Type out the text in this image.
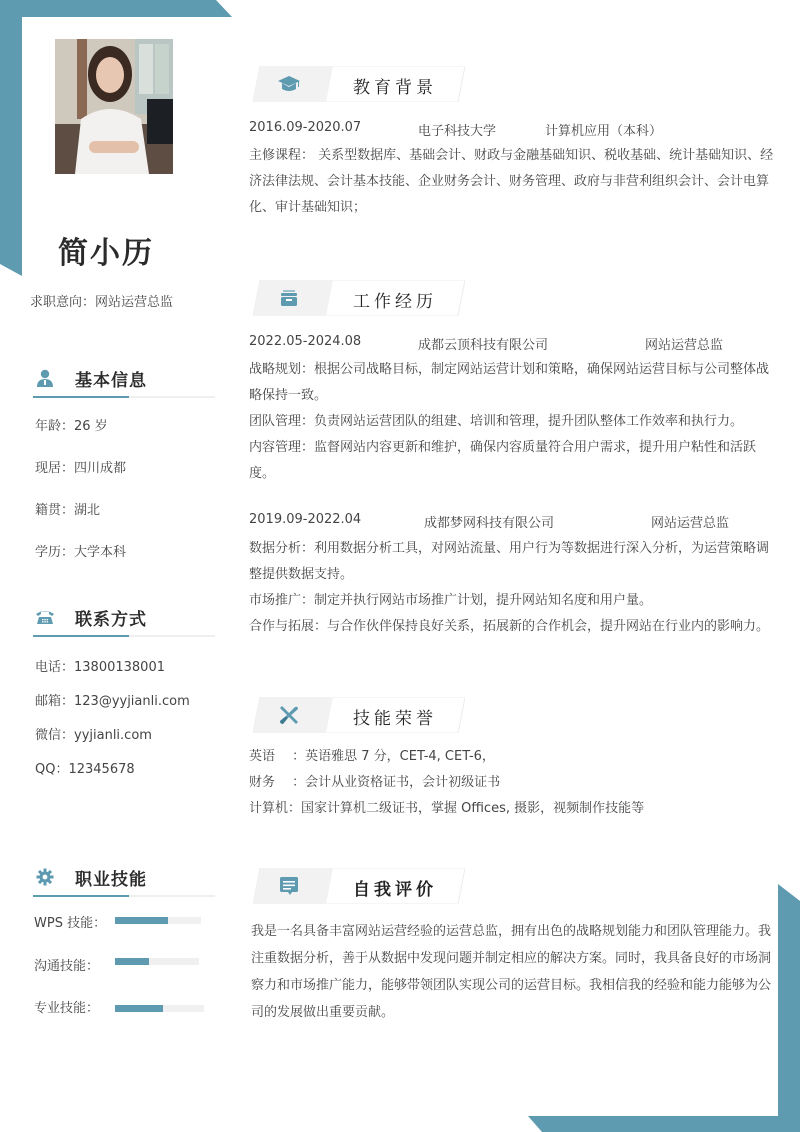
简小历
求职意向：网站运营总监
基本信息
年龄：26 岁
现居：四川成都
籍贯：湖北
学历：大学本科
联系方式
电话：13800138001
邮箱：123@yyjianli.com
微信：yyjianli.com
QQ：12345678
职业技能
WPS 技能：
沟通技能：
专业技能：
教育背景
2016.09-2020.07	电子科技大学	计算机应用（本科）
主修课程： 关系型数据库、基础会计、财政与金融基础知识、税收基础、统计基础知识、经济法律法规、会计基本技能、企业财务会计、财务管理、政府与非营利组织会计、会计电算化、审计基础知识；
工作经历
2022.05-2024.08	成都云顶科技有限公司	网站运营总监
战略规划：根据公司战略目标，制定网站运营计划和策略，确保网站运营目标与公司整体战略保持一致。
团队管理：负责网站运营团队的组建、培训和管理，提升团队整体工作效率和执行力。
内容管理：监督网站内容更新和维护，确保内容质量符合用户需求，提升用户粘性和活跃度。
2019.09-2022.04	成都梦网科技有限公司	网站运营总监
数据分析：利用数据分析工具，对网站流量、用户行为等数据进行深入分析，为运营策略调整提供数据支持。
市场推广：制定并执行网站市场推广计划，提升网站知名度和用户量。
合作与拓展：与合作伙伴保持良好关系，拓展新的合作机会，提升网站在行业内的影响力。
技能荣誉
英语 　：英语雅思 7 分，CET-4, CET-6，
财务 　：会计从业资格证书，会计初级证书
计算机：国家计算机二级证书，掌握 Offices, 摄影，视频制作技能等
自我评价
我是一名具备丰富网站运营经验的运营总监，拥有出色的战略规划能力和团队管理能力。我注重数据分析，善于从数据中发现问题并制定相应的解决方案。同时，我具备良好的市场洞察力和市场推广能力，能够带领团队实现公司的运营目标。我相信我的经验和能力能够为公司的发展做出重要贡献。
